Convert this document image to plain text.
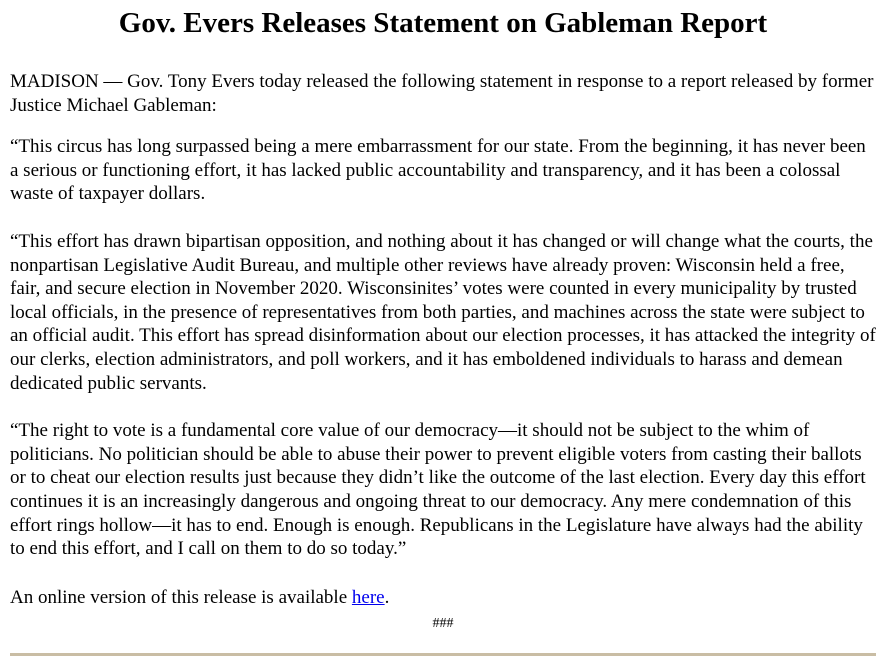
Gov. Evers Releases Statement on Gableman Report

MADISON — Gov. Tony Evers today released the following statement in response to a report released by former Justice Michael Gableman:

“This circus has long surpassed being a mere embarrassment for our state. From the beginning, it has never been a serious or functioning effort, it has lacked public accountability and transparency, and it has been a colossal waste of taxpayer dollars.

“This effort has drawn bipartisan opposition, and nothing about it has changed or will change what the courts, the nonpartisan Legislative Audit Bureau, and multiple other reviews have already proven: Wisconsin held a free, fair, and secure election in November 2020. Wisconsinites’ votes were counted in every municipality by trusted local officials, in the presence of representatives from both parties, and machines across the state were subject to an official audit. This effort has spread disinformation about our election processes, it has attacked the integrity of our clerks, election administrators, and poll workers, and it has emboldened individuals to harass and demean dedicated public servants.

“The right to vote is a fundamental core value of our democracy—it should not be subject to the whim of politicians. No politician should be able to abuse their power to prevent eligible voters from casting their ballots or to cheat our election results just because they didn’t like the outcome of the last election. Every day this effort continues it is an increasingly dangerous and ongoing threat to our democracy. Any mere condemnation of this effort rings hollow—it has to end. Enough is enough. Republicans in the Legislature have always had the ability to end this effort, and I call on them to do so today.”

An online version of this release is available here.

###
